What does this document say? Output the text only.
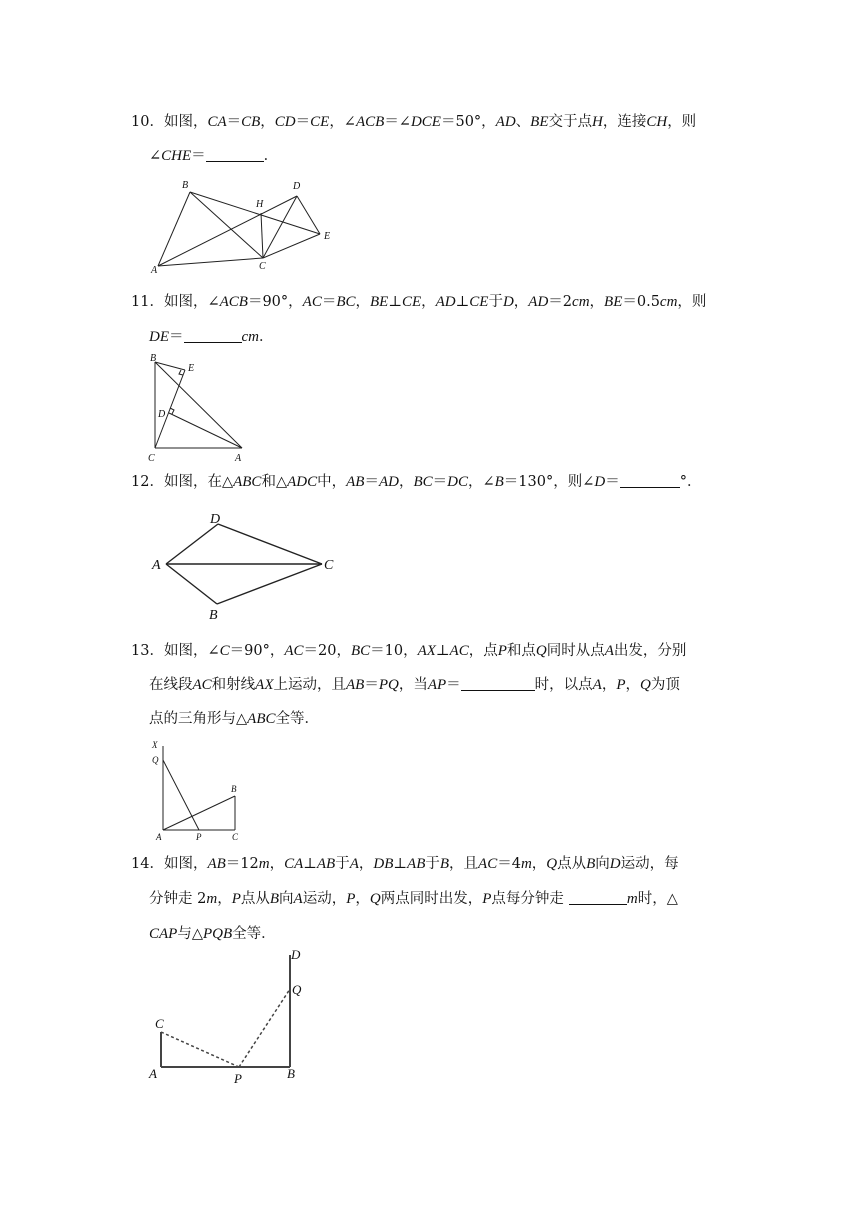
10．如图，CA＝CB，CD＝CE，∠ACB＝∠DCE＝50°，AD、BE交于点H，连接CH，则

∠CHE＝	．

B
H
D
E
A	C

11．如图，∠ACB＝90°，AC＝BC，BE⊥CE，AD⊥CE于D，AD＝2cm，BE＝0.5cm，则

DE＝	cm．

B
E
D
C	A

12．如图，在△ABC和△ADC中，AB＝AD，BC＝DC，∠B＝130°，则∠D＝	°．

D
A	C
B

13．如图，∠C＝90°，AC＝20，BC＝10，AX⊥AC，点P和点Q同时从点A出发，分别

在线段AC和射线AX上运动，且AB＝PQ，当AP＝	时，以点A，P，Q为顶

点的三角形与△ABC全等．

X
Q
B
A	P	C

14．如图，AB＝12m，CA⊥AB于A，DB⊥AB于B，且AC＝4m，Q点从B向D运动，每

分钟走 2m，P点从B向A运动，P，Q两点同时出发，P点每分钟走	m时，△

CAP与△PQB全等．

D
Q
C
A	P	B
